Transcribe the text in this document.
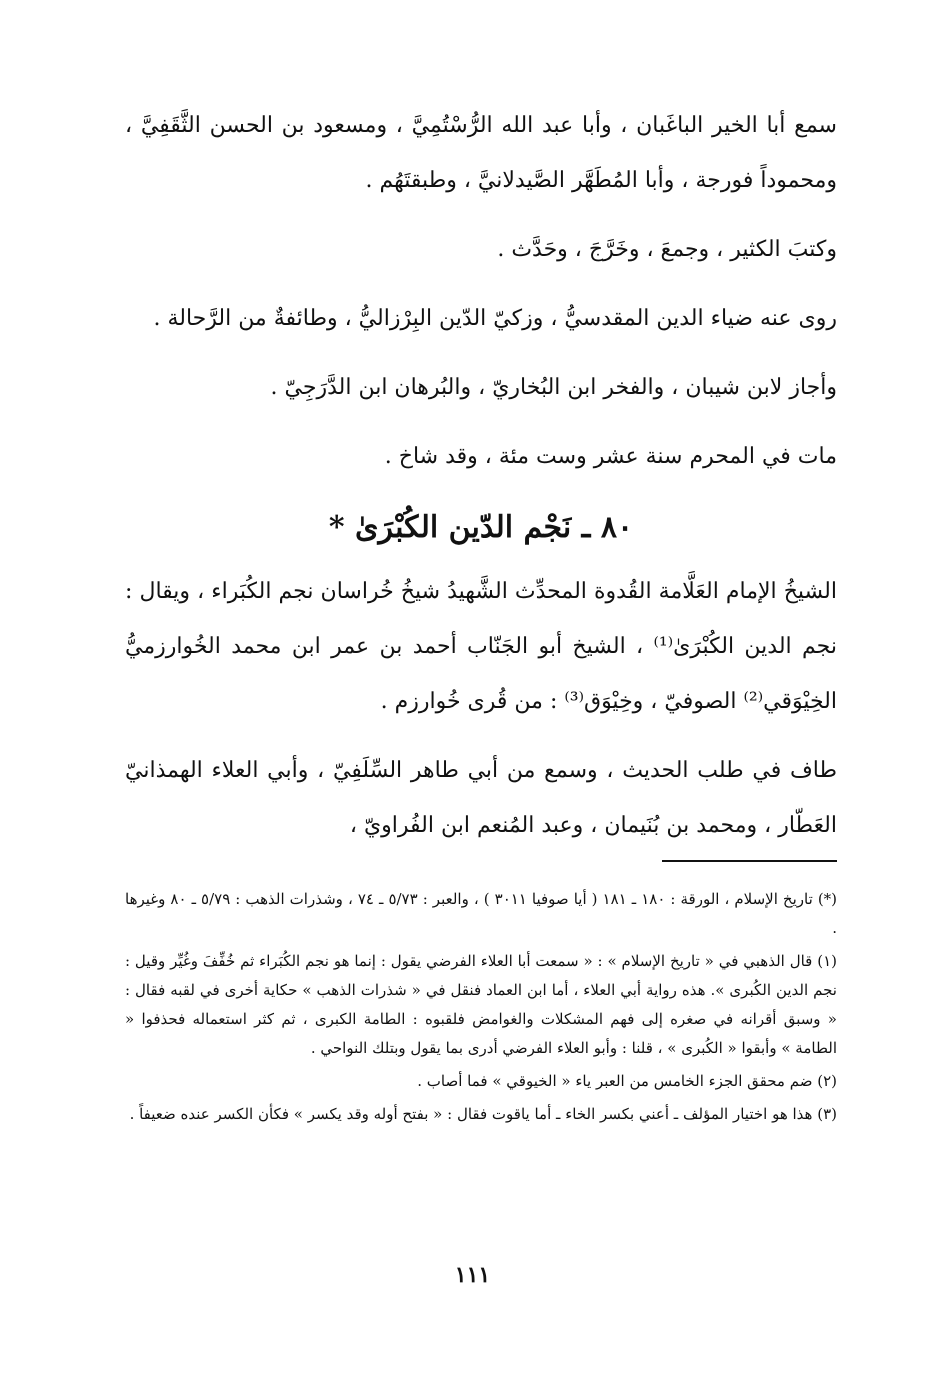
سمع أبا الخير الباغَبان ، وأبا عبد الله الرُّسْتُمِيَّ ، ومسعود بن الحسن الثَّقَفِيَّ ، ومحموداً فورجة ، وأبا المُطَهَّر الصَّيدلانيَّ ، وطبقتَهُم .

وكتبَ الكثير ، وجمعَ ، وخَرَّجَ ، وحَدَّث .

روى عنه ضياء الدين المقدسيُّ ، وزكيّ الدّين البِرْزاليُّ ، وطائفةٌ من الرَّحالة .

وأجاز لابن شيبان ، والفخر ابن البُخاريّ ، والبُرهان ابن الدَّرَجِيّ .

مات في المحرم سنة عشر وست مئة ، وقد شاخ .

٨٠ ـ نَجْم الدّين الكُبْرَىٰ *

الشيخُ الإمام العَلَّامة القُدوة المحدِّث الشَّهيدُ شيخُ خُراسان نجم الكُبَراء ، ويقال : نجم الدين الكُبْرَىٰ⁽¹⁾ ، الشيخ أبو الجَنّاب أحمد بن عمر ابن محمد الخُوارزميُّ الخِيْوَقي⁽²⁾ الصوفيّ ، وخِيْوَق⁽³⁾ : من قُرى خُوارزم .

طاف في طلب الحديث ، وسمع من أبي طاهر السِّلَفِيّ ، وأبي العلاء الهمذانيّ العَطّار ، ومحمد بن بُنَيمان ، وعبد المُنعم ابن الفُراويّ ،

(*) تاريخ الإسلام ، الورقة : ١٨٠ ـ ١٨١ ( أيا صوفيا ٣٠١١ ) ، والعبر : ٥/٧٣ ـ ٧٤ ، وشذرات الذهب : ٥/٧٩ ـ ٨٠ وغيرها .

(١) قال الذهبي في « تاريخ الإسلام » : « سمعت أبا العلاء الفرضي يقول : إنما هو نجم الكُبَراء ثم خُفِّفَ وغُيِّر وقيل : نجم الدين الكُبرى ». هذه رواية أبي العلاء ، أما ابن العماد فنقل في « شذرات الذهب » حكاية أخرى في لقبه فقال : « وسبق أقرانه في صغره إلى فهم المشكلات والغوامض فلقبوه : الطامة الكبرى ، ثم كثر استعماله فحذفوا « الطامة » وأبقوا « الكُبرى » ، قلنا : وأبو العلاء الفرضي أدرى بما يقول وبتلك النواحي .

(٢) ضم محقق الجزء الخامس من العبر ياء « الخيوقي » فما أصاب .

(٣) هذا هو اختيار المؤلف ـ أعني بكسر الخاء ـ أما ياقوت فقال : « بفتح أوله وقد يكسر » فكأن الكسر عنده ضعيفاً .

١١١
